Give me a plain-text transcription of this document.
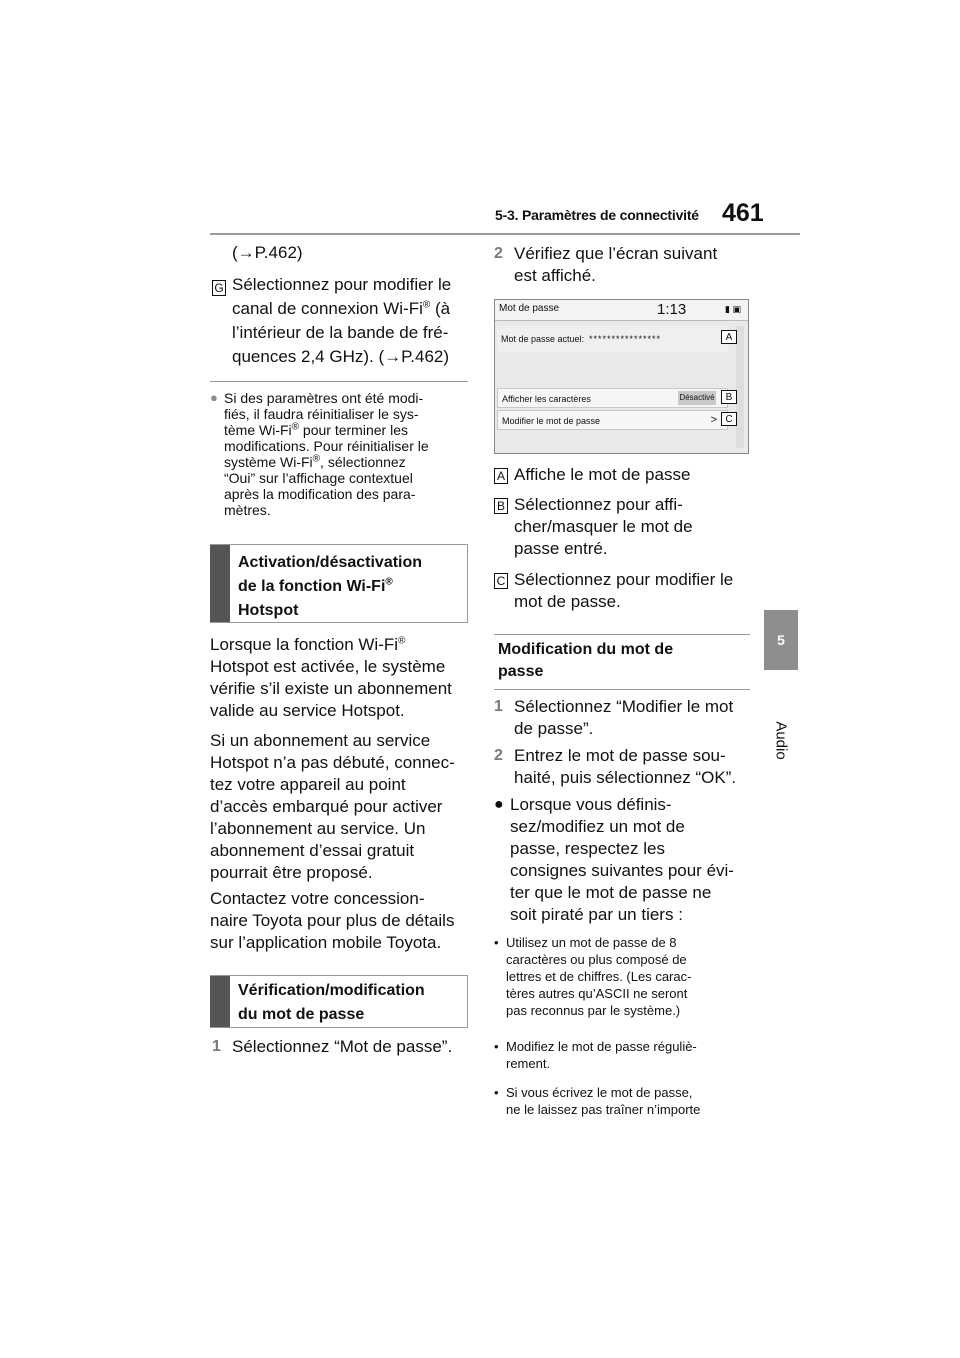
5-3. Paramètres de connectivité 461
5
Audio
(→P.462)
G Sélectionnez pour modifier le
canal de connexion Wi-Fi® (à
l’intérieur de la bande de fré-
quences 2,4 GHz). (→P.462)
● Si des paramètres ont été modi-
fiés, il faudra réinitialiser le sys-
tème Wi-Fi® pour terminer les
modifications. Pour réinitialiser le
système Wi-Fi®, sélectionnez
“Oui” sur l’affichage contextuel
après la modification des para-
mètres.
Activation/désactivation
de la fonction Wi-Fi®
Hotspot
Lorsque la fonction Wi-Fi®
Hotspot est activée, le système
vérifie s’il existe un abonnement
valide au service Hotspot.
Si un abonnement au service
Hotspot n’a pas débuté, connec-
tez votre appareil au point
d’accès embarqué pour activer
l’abonnement au service. Un
abonnement d’essai gratuit
pourrait être proposé.
Contactez votre concession-
naire Toyota pour plus de détails
sur l’application mobile Toyota.
Vérification/modification
du mot de passe
1 Sélectionnez “Mot de passe”.
2 Vérifiez que l’écran suivant
est affiché.
Mot de passe	1:13	▮ ▣
Mot de passe actuel: ****************
Afficher les caractères	Désactivé
Modifier le mot de passe	>
A
B
C
A Affiche le mot de passe
B Sélectionnez pour affi-
cher/masquer le mot de
passe entré.
C Sélectionnez pour modifier le
mot de passe.
Modification du mot de
passe
1 Sélectionnez “Modifier le mot
de passe”.
2 Entrez le mot de passe sou-
haité, puis sélectionnez “OK”.
● Lorsque vous définis-
sez/modifiez un mot de
passe, respectez les
consignes suivantes pour évi-
ter que le mot de passe ne
soit piraté par un tiers :
• Utilisez un mot de passe de 8
caractères ou plus composé de
lettres et de chiffres. (Les carac-
tères autres qu’ASCII ne seront
pas reconnus par le système.)
• Modifiez le mot de passe réguliè-
rement.
• Si vous écrivez le mot de passe,
ne le laissez pas traîner n’importe
